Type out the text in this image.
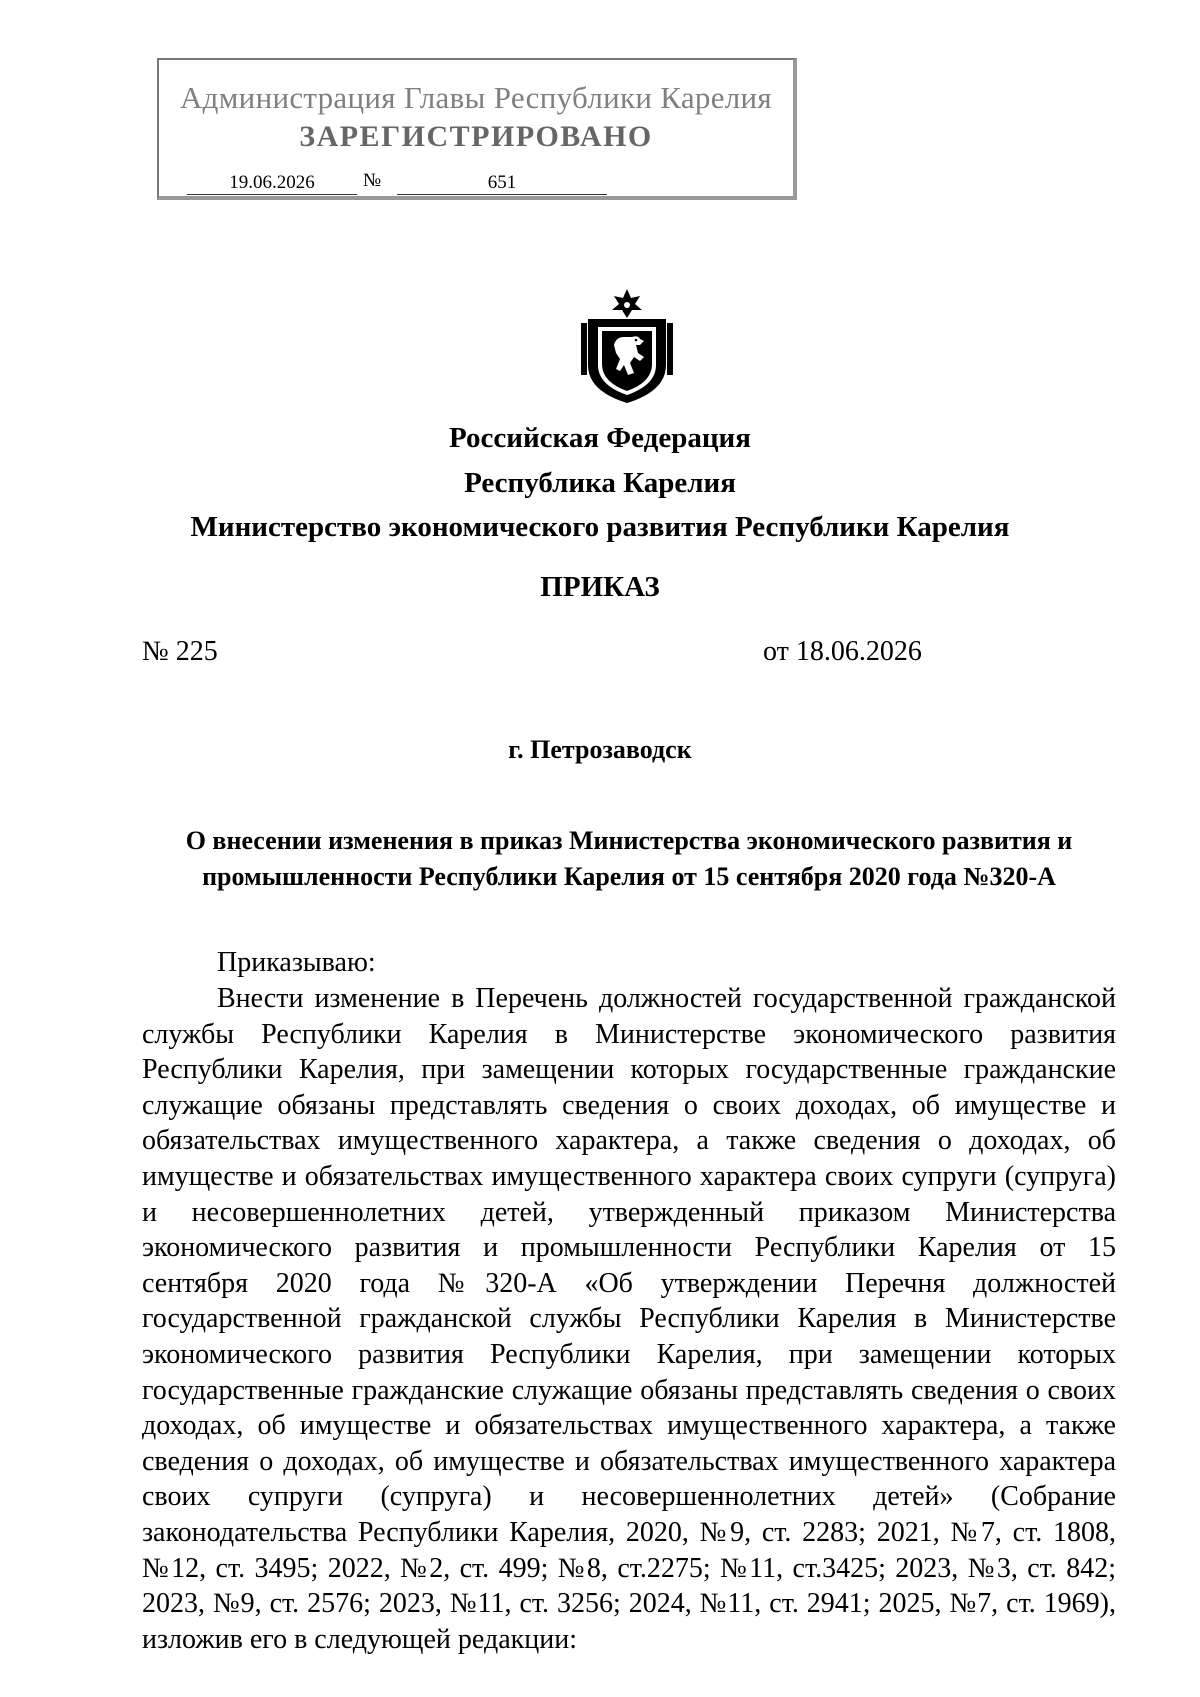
Администрация Главы Республики Карелия
ЗАРЕГИСТРИРОВАНО
19.06.2026	№	651
Российская Федерация
Республика Карелия
Министерство экономического развития Республики Карелия
ПРИКАЗ
№ 225	от 18.06.2026
г. Петрозаводск
О внесении изменения в приказ Министерства экономического развития и промышленности Республики Карелия от 15 сентября 2020 года №320-А
Приказываю:

Внести изменение в Перечень должностей государственной гражданской службы Республики Карелия в Министерстве экономического развития Республики Карелия, при замещении которых государственные гражданские служащие обязаны представлять сведения о своих доходах, об имуществе и обязательствах имущественного характера, а также сведения о доходах, об имуществе и обязательствах имущественного характера своих супруги (супруга) и несовершеннолетних детей, утвержденный приказом Министерства экономического развития и промышленности Республики Карелия от 15 сентября 2020 года №320-А «Об утверждении Перечня должностей государственной гражданской службы Республики Карелия в Министерстве экономического развития Республики Карелия, при замещении которых государственные гражданские служащие обязаны представлять сведения о своих доходах, об имуществе и обязательствах имущественного характера, а также сведения о доходах, об имуществе и обязательствах имущественного характера своих супруги (супруга) и несовершеннолетних детей» (Собрание законодательства Республики Карелия, 2020, №9, ст. 2283; 2021, №7, ст. 1808, №12, ст. 3495; 2022, №2, ст. 499; №8, ст.2275; №11, ст.3425; 2023, №3, ст. 842; 2023, №9, ст. 2576; 2023, №11, ст. 3256; 2024, №11, ст. 2941; 2025, №7, ст. 1969), изложив его в следующей редакции:
